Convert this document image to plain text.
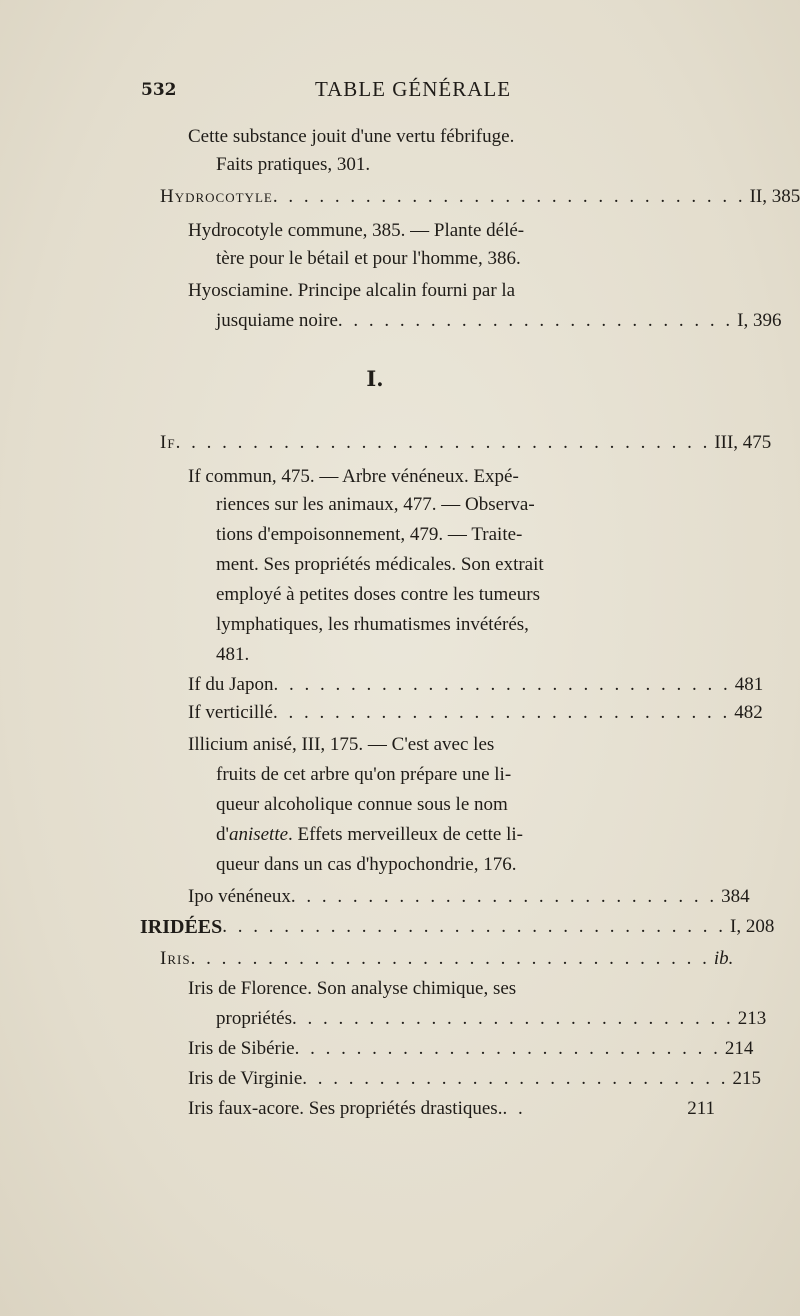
532	TABLE GÉNÉRALE
Cette substance jouit d'une vertu fébrifuge.
Faits pratiques, 301.
Hydrocotyle . . . . . . . . . . . . . . . . . . . . . . . . . . . . . . . II, 385
Hydrocotyle commune, 385. — Plante délé-
tère pour le bétail et pour l'homme, 386.
Hyosciamine. Principe alcalin fourni par la
jusquiame noire . . . . . . . . . . . . . . . . . . . . . . . . . . I, 396
I.
If . . . . . . . . . . . . . . . . . . . . . . . . . . . . . . . . . . . III, 475
If commun, 475. — Arbre vénéneux. Expé-
riences sur les animaux, 477. — Observa-
tions d'empoisonnement, 479. — Traite-
ment. Ses propriétés médicales. Son extrait
employé à petites doses contre les tumeurs
lymphatiques, les rhumatismes invétérés,
481.
If du Japon . . . . . . . . . . . . . . . . . . . . . . . . . . . . . . 481
If verticillé . . . . . . . . . . . . . . . . . . . . . . . . . . . . . . 482
Illicium anisé, III, 175. — C'est avec les
fruits de cet arbre qu'on prépare une li-
queur alcoholique connue sous le nom
d'anisette. Effets merveilleux de cette li-
queur dans un cas d'hypochondrie, 176.
Ipo vénéneux . . . . . . . . . . . . . . . . . . . . . . . . . . . . 384
IRIDÉES . . . . . . . . . . . . . . . . . . . . . . . . . . . . . . . . . I, 208
Iris . . . . . . . . . . . . . . . . . . . . . . . . . . . . . . . . . . ib.
Iris de Florence. Son analyse chimique, ses
propriétés . . . . . . . . . . . . . . . . . . . . . . . . . . . . . 213
Iris de Sibérie . . . . . . . . . . . . . . . . . . . . . . . . . . . . 214
Iris de Virginie . . . . . . . . . . . . . . . . . . . . . . . . . . . . 215
Iris faux-acore. Ses propriétés drastiques. . .	211
